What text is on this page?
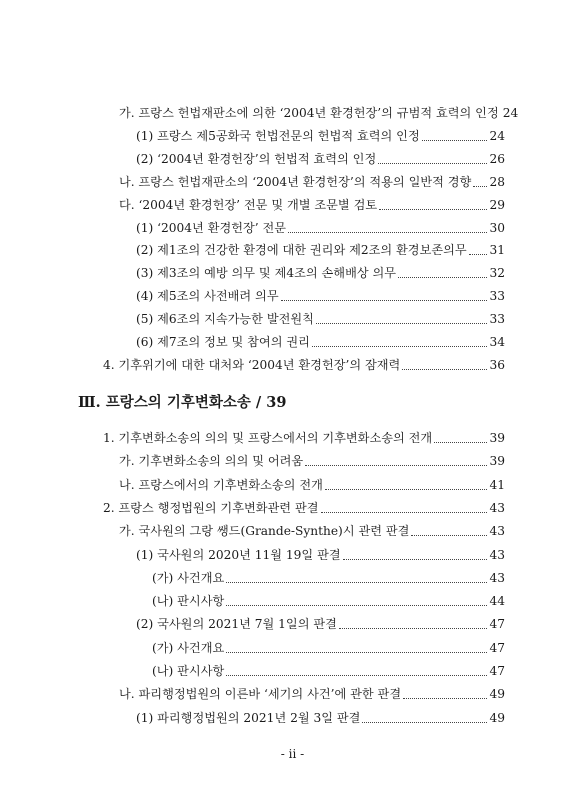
가. 프랑스 헌법재판소에 의한 ‘2004년 환경헌장’의 규범적 효력의 인정 24
(1) 프랑스 제5공화국 헌법전문의 헌법적 효력의 인정	24
(2) ‘2004년 환경헌장’의 헌법적 효력의 인정	26
나. 프랑스 헌법재판소의 ‘2004년 환경헌장’의 적용의 일반적 경향 28
다. ‘2004년 환경헌장’ 전문 및 개별 조문별 검토	29
(1) ‘2004년 환경헌장’ 전문	30
(2) 제1조의 건강한 환경에 대한 권리와 제2조의 환경보존의무 31
(3) 제3조의 예방 의무 및 제4조의 손해배상 의무	32
(4) 제5조의 사전배려 의무	33
(5) 제6조의 지속가능한 발전원칙	33
(6) 제7조의 정보 및 참여의 권리	34
4. 기후위기에 대한 대처와 ‘2004년 환경헌장’의 잠재력	36
Ⅲ. 프랑스의 기후변화소송 / 39
1. 기후변화소송의 의의 및 프랑스에서의 기후변화소송의 전개	39
가. 기후변화소송의 의의 및 어려움	39
나. 프랑스에서의 기후변화소송의 전개	41
2. 프랑스 행정법원의 기후변화관련 판결	43
가. 국사원의 그랑 쌩드(Grande-Synthe)시 관련 판결	43
(1) 국사원의 2020년 11월 19일 판결	43
(가) 사건개요	43
(나) 판시사항	44
(2) 국사원의 2021년 7월 1일의 판결	47
(가) 사건개요	47
(나) 판시사항	47
나. 파리행정법원의 이른바 ‘세기의 사건’에 관한 판결	49
(1) 파리행정법원의 2021년 2월 3일 판결	49
- ii -
